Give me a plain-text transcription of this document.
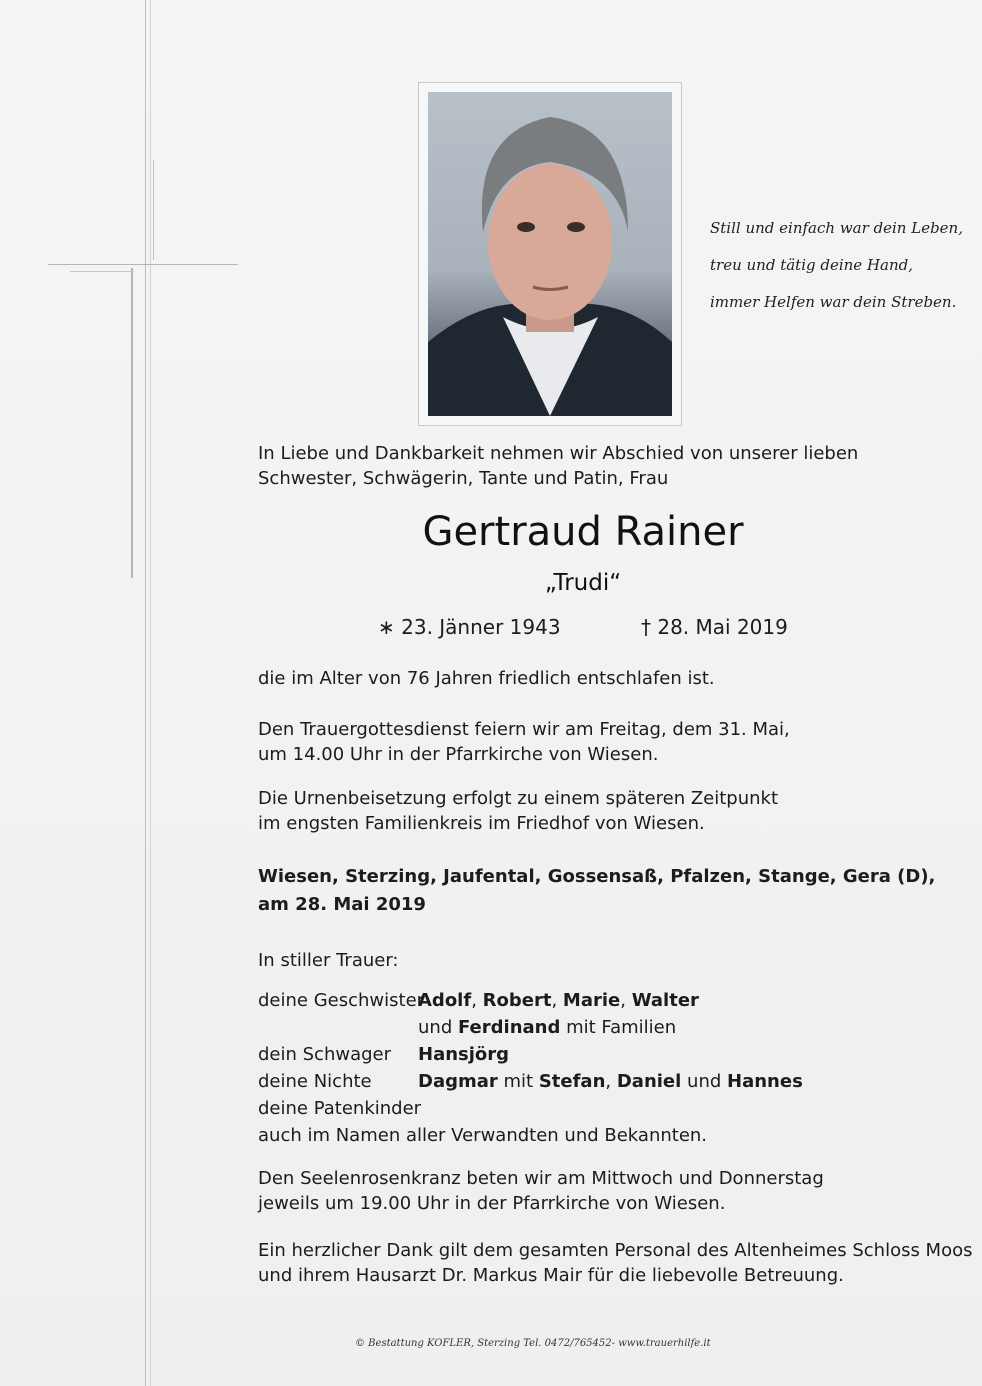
Still und einfach war dein Leben,
treu und tätig deine Hand,
immer Helfen war dein Streben.
In Liebe und Dankbarkeit nehmen wir Abschied von unserer lieben
Schwester, Schwägerin, Tante und Patin, Frau
Gertraud Rainer
„Trudi“
∗ 23. Jänner 1943	† 28. Mai 2019
die im Alter von 76 Jahren friedlich entschlafen ist.
Den Trauergottesdienst feiern wir am Freitag, dem 31. Mai,
um 14.00 Uhr in der Pfarrkirche von Wiesen.
Die Urnenbeisetzung erfolgt zu einem späteren Zeitpunkt
im engsten Familienkreis im Friedhof von Wiesen.
Wiesen, Sterzing, Jaufental, Gossensaß, Pfalzen, Stange, Gera (D),
am 28. Mai 2019
In stiller Trauer:
deine Geschwister
Adolf, Robert, Marie, Walter
und Ferdinand mit Familien
dein Schwager Hansjörg
deine Nichte	Dagmar mit Stefan, Daniel und Hannes
deine Patenkinder
auch im Namen aller Verwandten und Bekannten.
Den Seelenrosenkranz beten wir am Mittwoch und Donnerstag
jeweils um 19.00 Uhr in der Pfarrkirche von Wiesen.
Ein herzlicher Dank gilt dem gesamten Personal des Altenheimes Schloss Moos
und ihrem Hausarzt Dr. Markus Mair für die liebevolle Betreuung.
© Bestattung KOFLER, Sterzing Tel. 0472/765452- www.trauerhilfe.it
